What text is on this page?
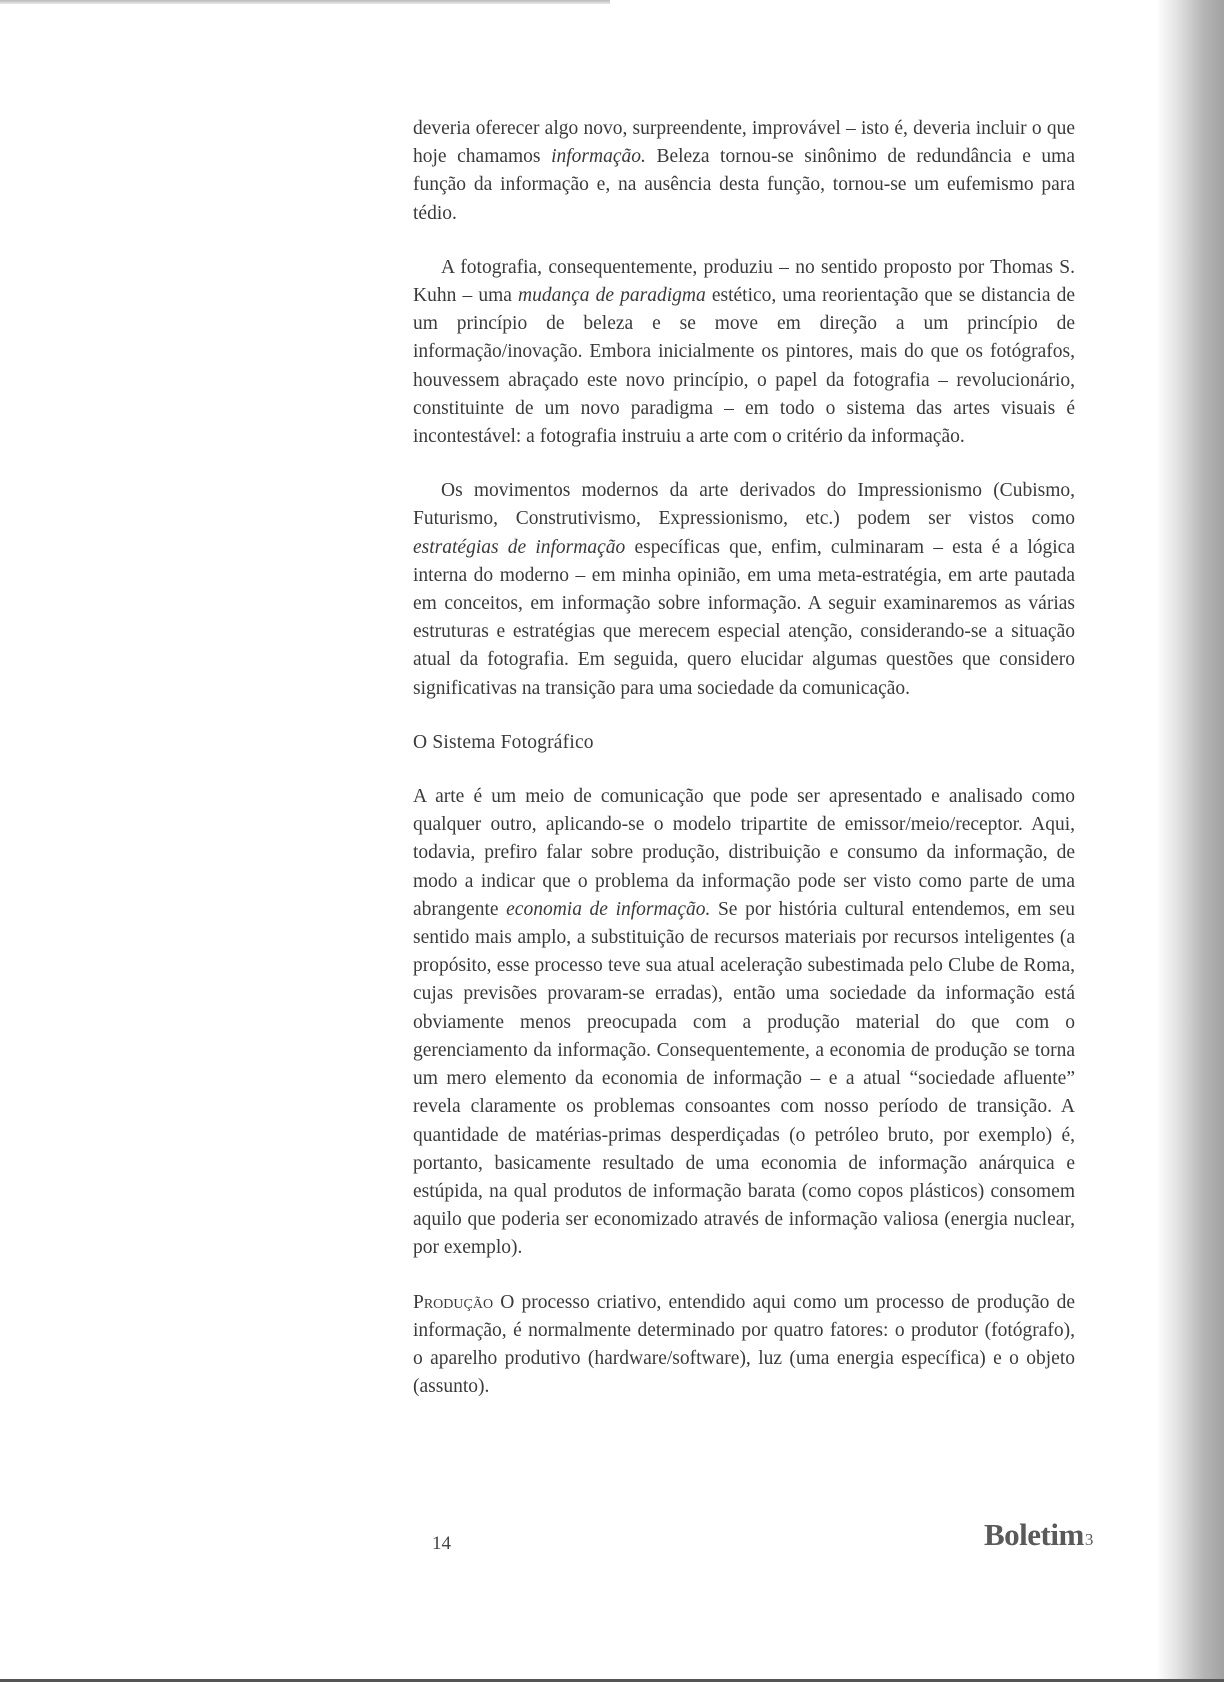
deveria oferecer algo novo, surpreendente, improvável – isto é, deveria incluir o que hoje chamamos informação. Beleza tornou-se sinônimo de redundância e uma função da informação e, na ausência desta função, tornou-se um eufemismo para tédio.

A fotografia, consequentemente, produziu – no sentido proposto por Thomas S. Kuhn – uma mudança de paradigma estético, uma reorientação que se distancia de um princípio de beleza e se move em direção a um princípio de informação/inovação. Embora inicialmente os pintores, mais do que os fotógrafos, houvessem abraçado este novo princípio, o papel da fotografia – revolucionário, constituinte de um novo paradigma – em todo o sistema das artes visuais é incontestável: a fotografia instruiu a arte com o critério da informação.

Os movimentos modernos da arte derivados do Impressionismo (Cubismo, Futurismo, Construtivismo, Expressionismo, etc.) podem ser vistos como estratégias de informação específicas que, enfim, culminaram – esta é a lógica interna do moderno – em minha opinião, em uma meta-estratégia, em arte pautada em conceitos, em informação sobre informação. A seguir examinaremos as várias estruturas e estratégias que merecem especial atenção, considerando-se a situação atual da fotografia. Em seguida, quero elucidar algumas questões que considero significativas na transição para uma sociedade da comunicação.

O Sistema Fotográfico

A arte é um meio de comunicação que pode ser apresentado e analisado como qualquer outro, aplicando-se o modelo tripartite de emissor/meio/receptor. Aqui, todavia, prefiro falar sobre produção, distribuição e consumo da informação, de modo a indicar que o problema da informação pode ser visto como parte de uma abrangente economia de informação. Se por história cultural entendemos, em seu sentido mais amplo, a substituição de recursos materiais por recursos inteligentes (a propósito, esse processo teve sua atual aceleração subestimada pelo Clube de Roma, cujas previsões provaram-se erradas), então uma sociedade da informação está obviamente menos preocupada com a produção material do que com o gerenciamento da informação. Consequentemente, a economia de produção se torna um mero elemento da economia de informação – e a atual “sociedade afluente” revela claramente os problemas consoantes com nosso período de transição. A quantidade de matérias-primas desperdiçadas (o petróleo bruto, por exemplo) é, portanto, basicamente resultado de uma economia de informação anárquica e estúpida, na qual produtos de informação barata (como copos plásticos) consomem aquilo que poderia ser economizado através de informação valiosa (energia nuclear, por exemplo).

Produção O processo criativo, entendido aqui como um processo de produção de informação, é normalmente determinado por quatro fatores: o produtor (fotógrafo), o aparelho produtivo (hardware/software), luz (uma energia específica) e o objeto (assunto).

14	Boletim3
